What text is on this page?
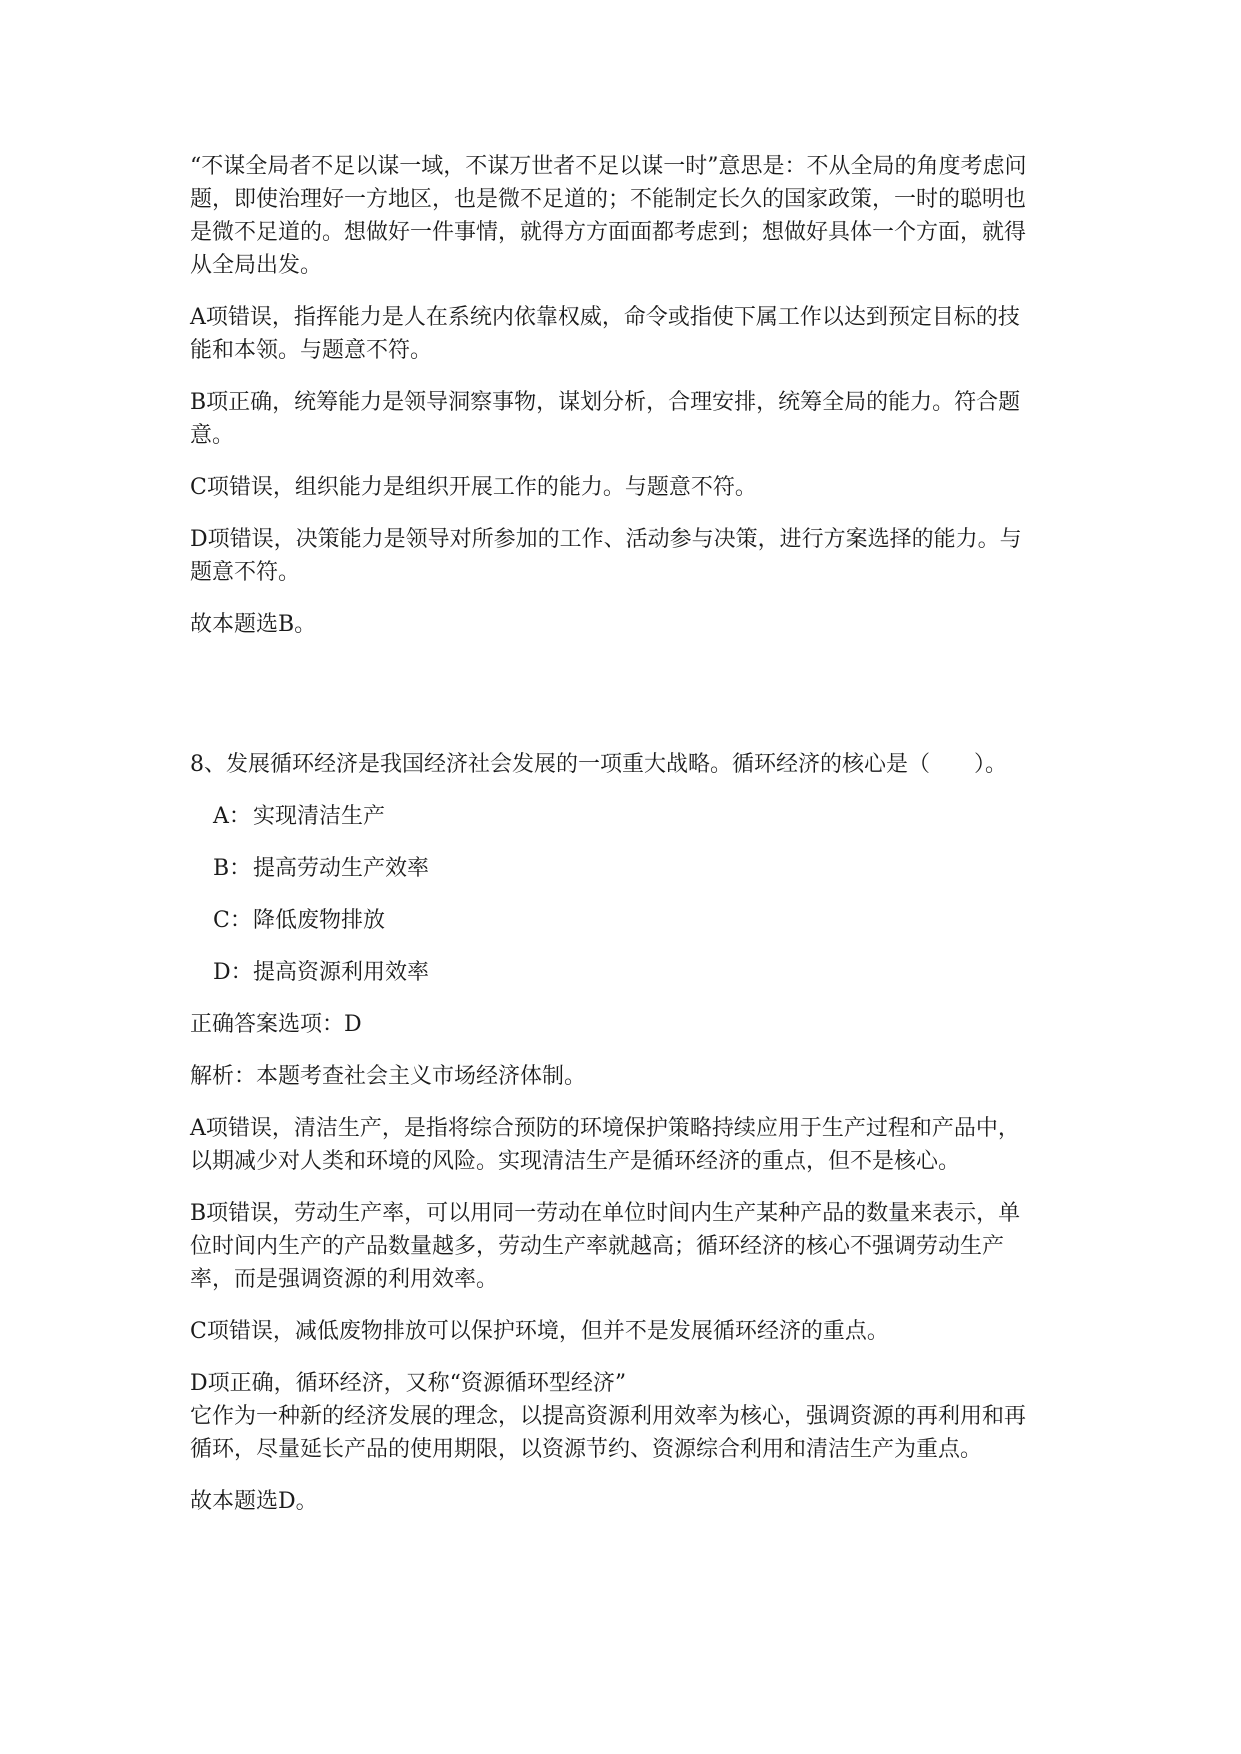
“不谋全局者不足以谋一域，不谋万世者不足以谋一时”意思是：不从全局的角度考虑问题，即使治理好一方地区，也是微不足道的；不能制定长久的国家政策，一时的聪明也是微不足道的。想做好一件事情，就得方方面面都考虑到；想做好具体一个方面，就得从全局出发。

A项错误，指挥能力是人在系统内依靠权威，命令或指使下属工作以达到预定目标的技能和本领。与题意不符。

B项正确，统筹能力是领导洞察事物，谋划分析，合理安排，统筹全局的能力。符合题意。

C项错误，组织能力是组织开展工作的能力。与题意不符。

D项错误，决策能力是领导对所参加的工作、活动参与决策，进行方案选择的能力。与题意不符。

故本题选B。

8、发展循环经济是我国经济社会发展的一项重大战略。循环经济的核心是（　　）。

A：实现清洁生产
B：提高劳动生产效率
C：降低废物排放
D：提高资源利用效率

正确答案选项：D

解析：本题考查社会主义市场经济体制。

A项错误，清洁生产，是指将综合预防的环境保护策略持续应用于生产过程和产品中，以期减少对人类和环境的风险。实现清洁生产是循环经济的重点，但不是核心。

B项错误，劳动生产率，可以用同一劳动在单位时间内生产某种产品的数量来表示，单位时间内生产的产品数量越多，劳动生产率就越高；循环经济的核心不强调劳动生产率，而是强调资源的利用效率。

C项错误，减低废物排放可以保护环境，但并不是发展循环经济的重点。

D项正确，循环经济，又称“资源循环型经济”
它作为一种新的经济发展的理念，以提高资源利用效率为核心，强调资源的再利用和再循环，尽量延长产品的使用期限，以资源节约、资源综合利用和清洁生产为重点。

故本题选D。
